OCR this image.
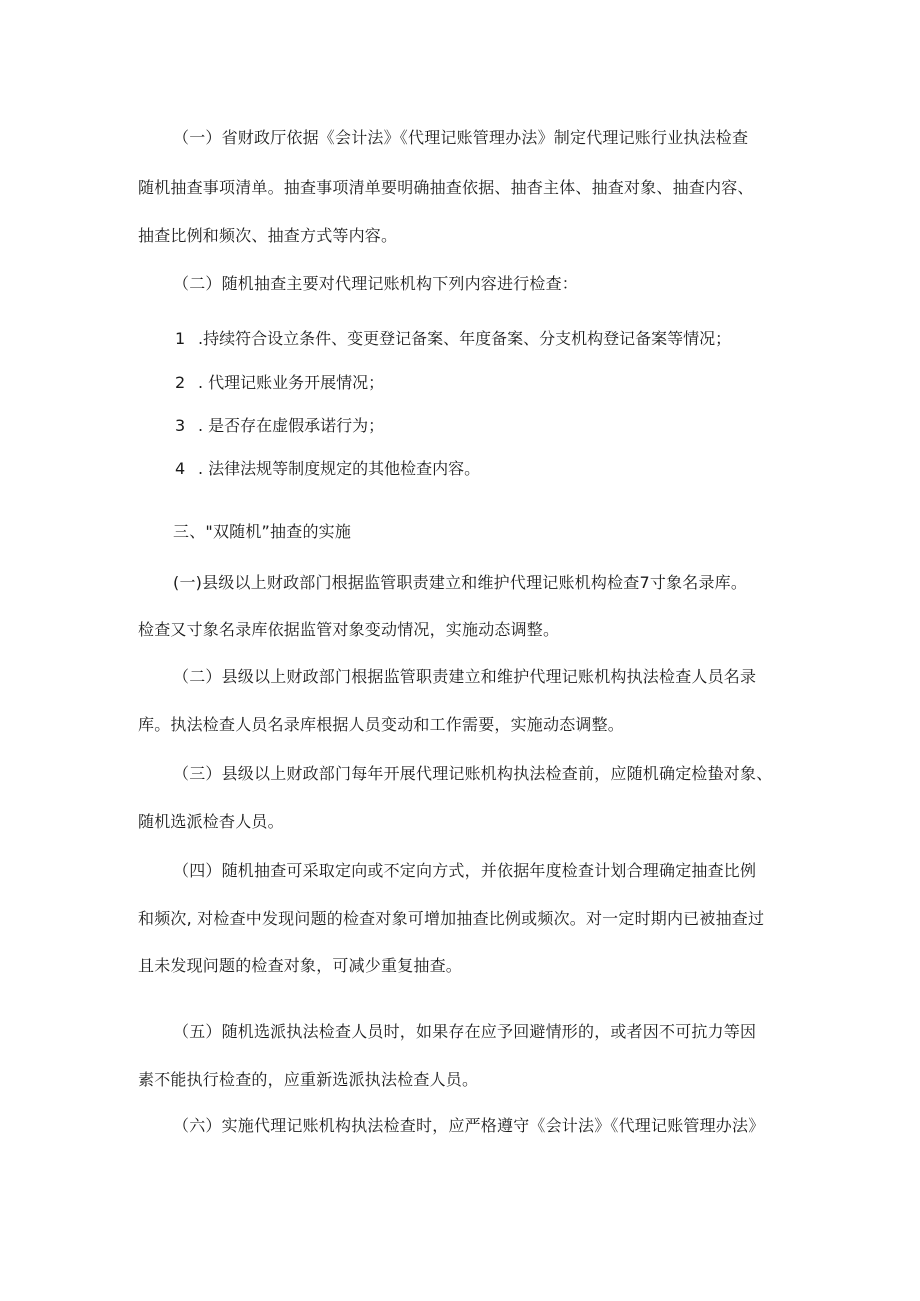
（一）省财政厅依据《会计法》《代理记账管理办法》制定代理记账行业执法检查
随机抽查事项清单。抽查事项清单要明确抽查依据、抽杳主体、抽查对象、抽查内容、
抽查比例和频次、抽查方式等内容。
（二）随机抽查主要对代理记账机构下列内容进行检查：
1 .持续符合设立条件、变更登记备案、年度备案、分支机构登记备案等情况；
2 . 代理记账业务开展情况；
3 . 是否存在虚假承诺行为；
4 . 法律法规等制度规定的其他检查内容。
三、"双随机”抽查的实施
(一)县级以上财政部门根据监管职责建立和维护代理记账机构检查7寸象名录库。
检查又寸象名录库依据监管对象变动情况，实施动态调整。
（二）县级以上财政部门根据监管职责建立和维护代理记账机构执法检查人员名录
库。执法检查人员名录库根据人员变动和工作需要，实施动态调整。
（三）县级以上财政部门每年开展代理记账机构执法检查前，应随机确定检蛰对象、
随机选派检杳人员。
（四）随机抽查可采取定向或不定向方式，并依据年度检查计划合理确定抽查比例
和频次, 对检查中发现问题的检查对象可增加抽查比例或频次。对一定时期内已被抽查过
且未发现问题的检查对象，可减少重复抽查。
（五）随机选派执法检查人员时，如果存在应予回避情形的，或者因不可抗力等因
素不能执行检查的，应重新选派执法检查人员。
（六）实施代理记账机构执法检查时，应严格遵守《会计法》《代理记账管理办法》
